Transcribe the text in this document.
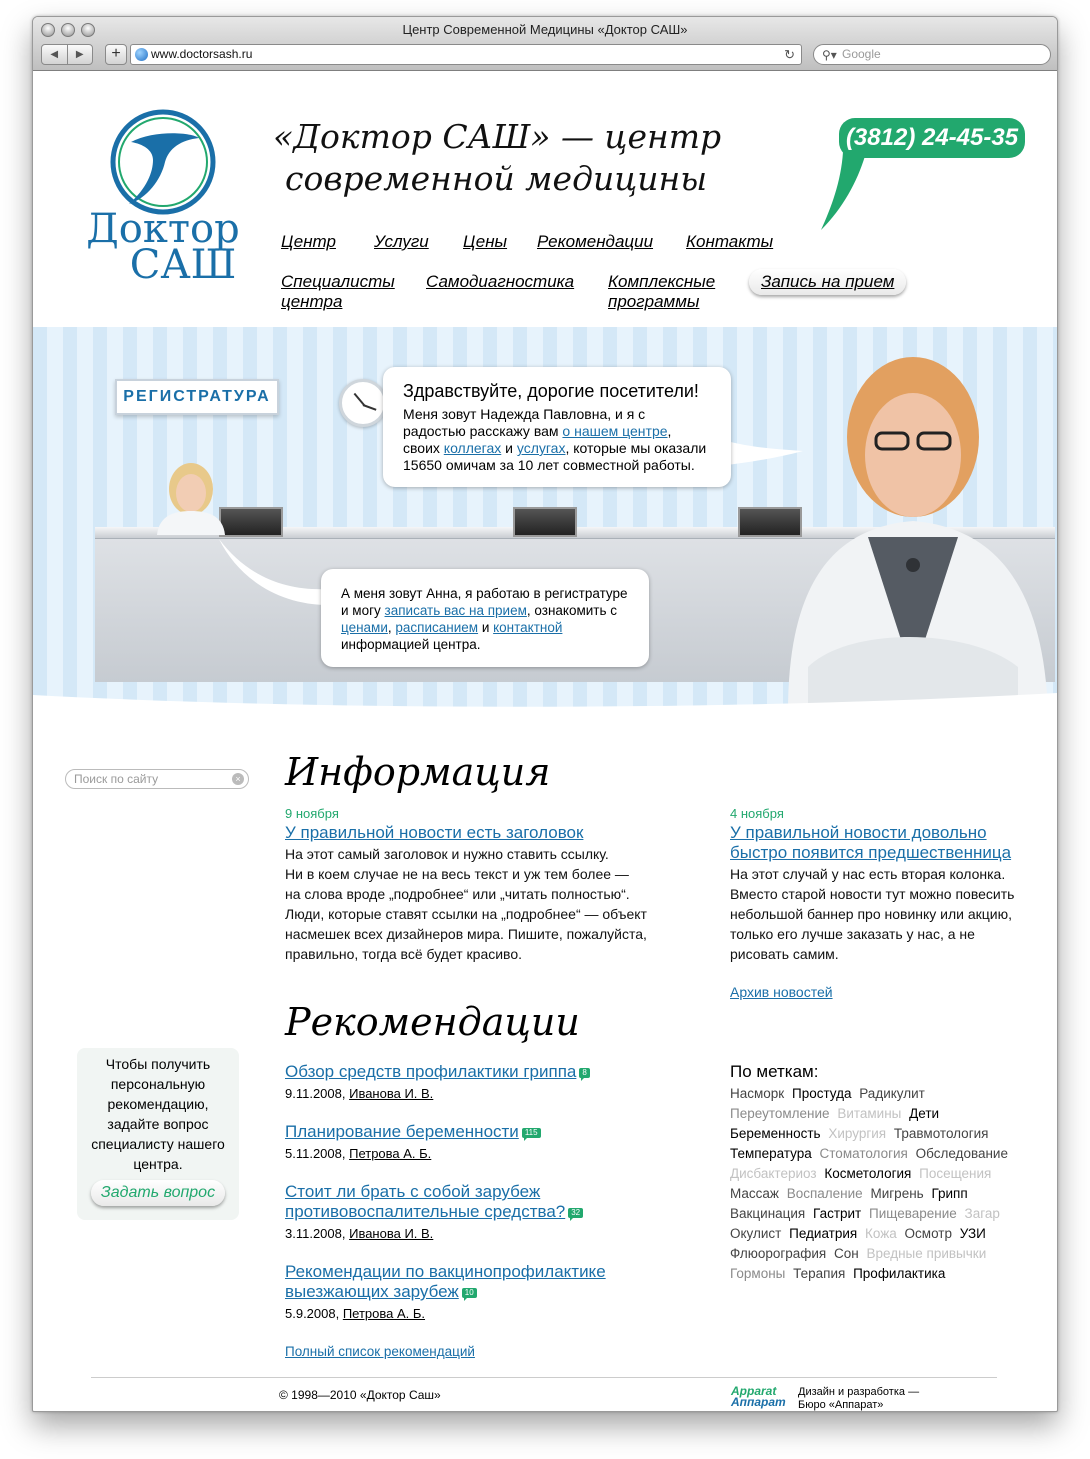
Центр Современной Медицины «Доктор САШ»
◀	▶	+	www.doctorsash.ru	↻ ⚲▾ Google
Доктор
САШ
«Доктор САШ» — центр
современной медицины
(3812) 24-45-35
Центр Услуги Цены Рекомендации Контакты
Специалисты
центра
Самодиагностика Комплексные
программы
Запись на прием
РЕГИСТРАТУРА	Здравствуйте, дорогие посетители!
Меня зовут Надежда Павловна, и я с радостью расскажу вам о нашем центре, своих коллегах и услугах, которые мы оказали 15650 омичам за 10 лет совместной работы.
А меня зовут Анна, я работаю в регистратуре и могу записать вас на прием, ознакомить с ценами, расписанием и контактной информацией центра.
Поиск по сайту	× Информация
9 ноября
У правильной новости есть заголовок
На этот самый заголовок и нужно ставить ссылку.
Ни в коем случае не на весь текст и уж тем более —
на слова вроде „подробнее“ или „читать полностью“.
Люди, которые ставят ссылки на „подробнее“ — объект
насмешек всех дизайнеров мира. Пишите, пожалуйста,
правильно, тогда всё будет красиво.
4 ноября
У правильной новости довольно
быстро появится предшественница
На этот случай у нас есть вторая колонка.
Вместо старой новости тут можно повесить
небольшой баннер про новинку или акцию,
только его лучше заказать у нас, а не
рисовать самим.
Архив новостей
Рекомендации
Обзор средств профилактики гриппа 8
9.11.2008, Иванова И. В.
Планирование беременности 115
5.11.2008, Петрова А. Б.
Стоит ли брать с собой зарубеж
противовоспалительные средства? 32
3.11.2008, Иванова И. В.
Рекомендации по вакцинопрофилактике
выезжающих зарубеж 10
5.9.2008, Петрова А. Б.
Полный список рекомендаций
Чтобы получить персональную рекомендацию, задайте вопрос специалисту нашего центра.
Задать вопрос
По меткам:
Насморк Простуда Радикулит Переутомление Витамины Дети Беременность Хирургия Травмотология Температура Стоматология Обследование Дисбактериоз Косметология Посещения Массаж Воспаление Мигрень Грипп Вакцинация Гастрит Пищеварение Загар Окулист Педиатрия Кожа Осмотр УЗИ Флюорография Сон Вредные привычки Гормоны Терапия Профилактика
© 1998—2010 «Доктор Саш»	Apparat
Аппарат
Дизайн и разработка —
Бюро «Аппарат»
